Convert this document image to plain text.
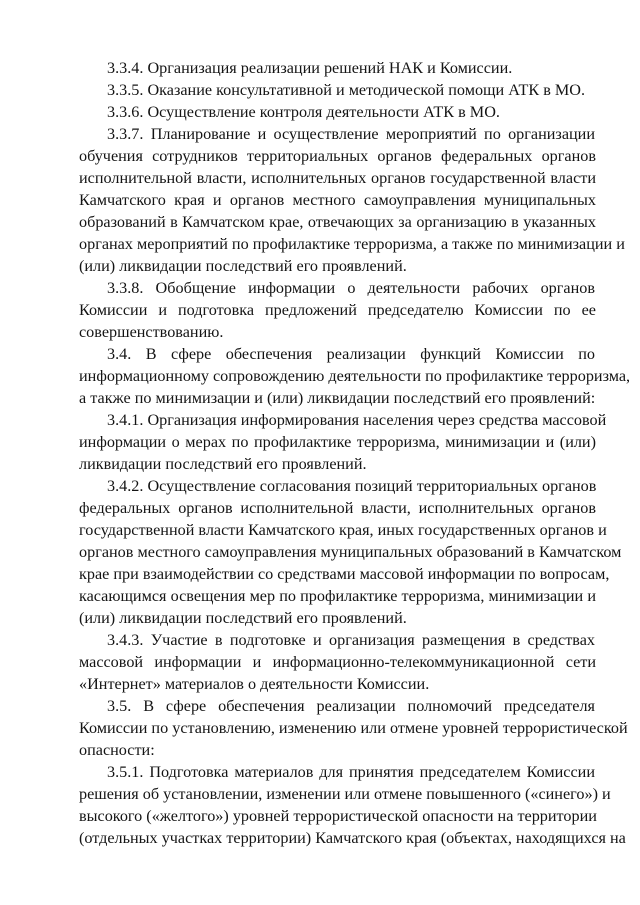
3.3.4. Организация реализации решений НАК и Комиссии.
3.3.5. Оказание консультативной и методической помощи АТК в МО.
3.3.6. Осуществление контроля деятельности АТК в МО.
3.3.7. Планирование и осуществление мероприятий по организации
обучения сотрудников территориальных органов федеральных органов
исполнительной власти, исполнительных органов государственной власти
Камчатского края и органов местного самоуправления муниципальных
образований в Камчатском крае, отвечающих за организацию в указанных
органах мероприятий по профилактике терроризма, а также по минимизации и
(или) ликвидации последствий его проявлений.
3.3.8. Обобщение информации о деятельности рабочих органов
Комиссии и подготовка предложений председателю Комиссии по ее
совершенствованию.
3.4. В сфере обеспечения реализации функций Комиссии по
информационному сопровождению деятельности по профилактике терроризма,
а также по минимизации и (или) ликвидации последствий его проявлений:
3.4.1. Организация информирования населения через средства массовой
информации о мерах по профилактике терроризма, минимизации и (или)
ликвидации последствий его проявлений.
3.4.2. Осуществление согласования позиций территориальных органов
федеральных органов исполнительной власти, исполнительных органов
государственной власти Камчатского края, иных государственных органов и
органов местного самоуправления муниципальных образований в Камчатском
крае при взаимодействии со средствами массовой информации по вопросам,
касающимся освещения мер по профилактике терроризма, минимизации и
(или) ликвидации последствий его проявлений.
3.4.3. Участие в подготовке и организация размещения в средствах
массовой информации и информационно-телекоммуникационной сети
«Интернет» материалов о деятельности Комиссии.
3.5. В сфере обеспечения реализации полномочий председателя
Комиссии по установлению, изменению или отмене уровней террористической
опасности:
3.5.1. Подготовка материалов для принятия председателем Комиссии
решения об установлении, изменении или отмене повышенного («синего») и
высокого («желтого») уровней террористической опасности на территории
(отдельных участках территории) Камчатского края (объектах, находящихся на
